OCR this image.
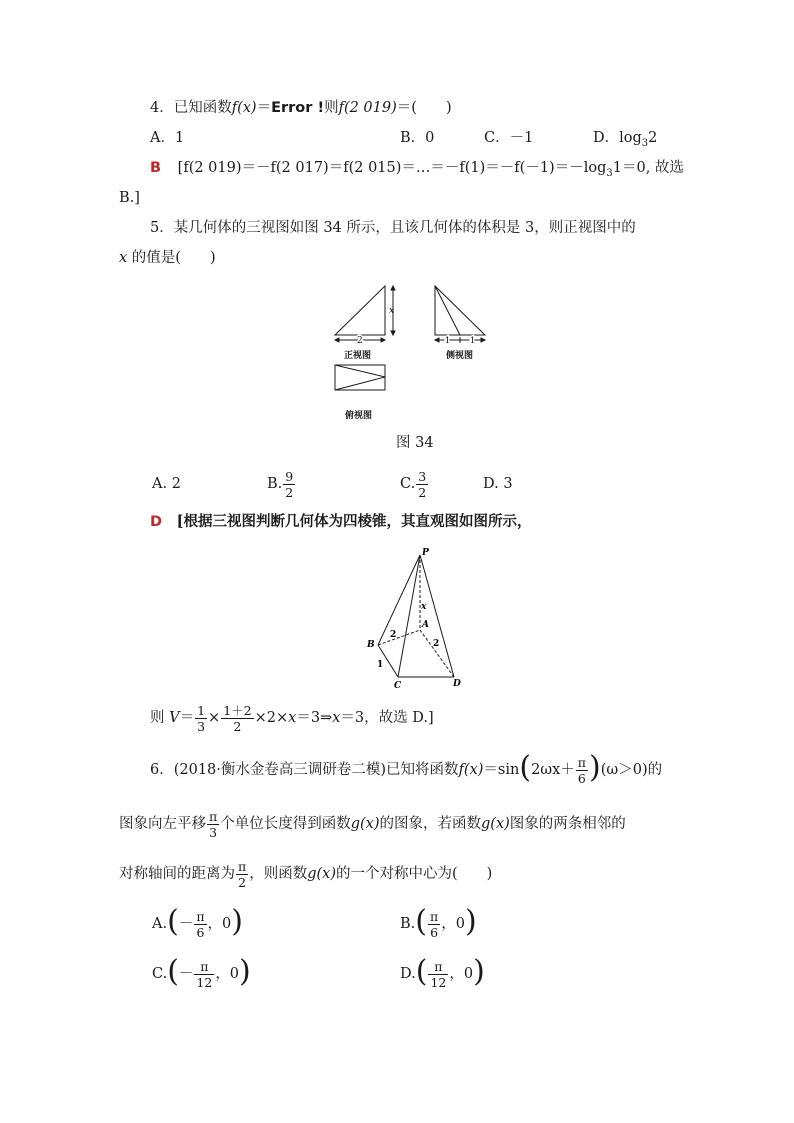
4．已知函数f(x)＝Error !则f(2 019)＝(　　)
A．1	B．0	C．－1	D．$\log_32$
B [f(2 019)＝－f(2 017)＝f(2 $015)=\dots=-f(1)=-f(-1)=-\log_31=0$, 故选
B.]
5．某几何体的三视图如图 34 所示，且该几何体的体积是 3，则正视图中的
x 的值是(　　)
x
2	1 1
正视图	侧视图
俯视图
图 34
A. 2	B. $\frac{9}{2}$	C. $\frac{3}{2}$	D. 3
D [根据三视图判断几何体为四棱锥，其直观图如图所示，
P
A
B
C	D
x
2
2
1
则 $V= \frac{1}{3} \times \frac{1+2}{2}$ ×2×x＝3⇒x＝3，故选 D.]
6．(2018·衡水金卷高三调研卷二模)已知将函数$f(x)=\sin(2\omega x+ \frac{\pi}{6} )(\omega>0)$的
图象向左平移 $\frac{\pi}{3}$ 个单位长度得到函数g(x)的图象，若函数g(x)图象的两条相邻的
对称轴间的距离为 $\frac{\pi}{2}$ ，则函数g(x)的一个对称中心为(　　)
$A.(- \frac{\pi}{6}$ ，0)	$B.( \frac{\pi}{6}$ ，0)
$C.(- \frac{\pi}{12}$ ，0)	$D.( \frac{\pi}{12}$ ，0)
